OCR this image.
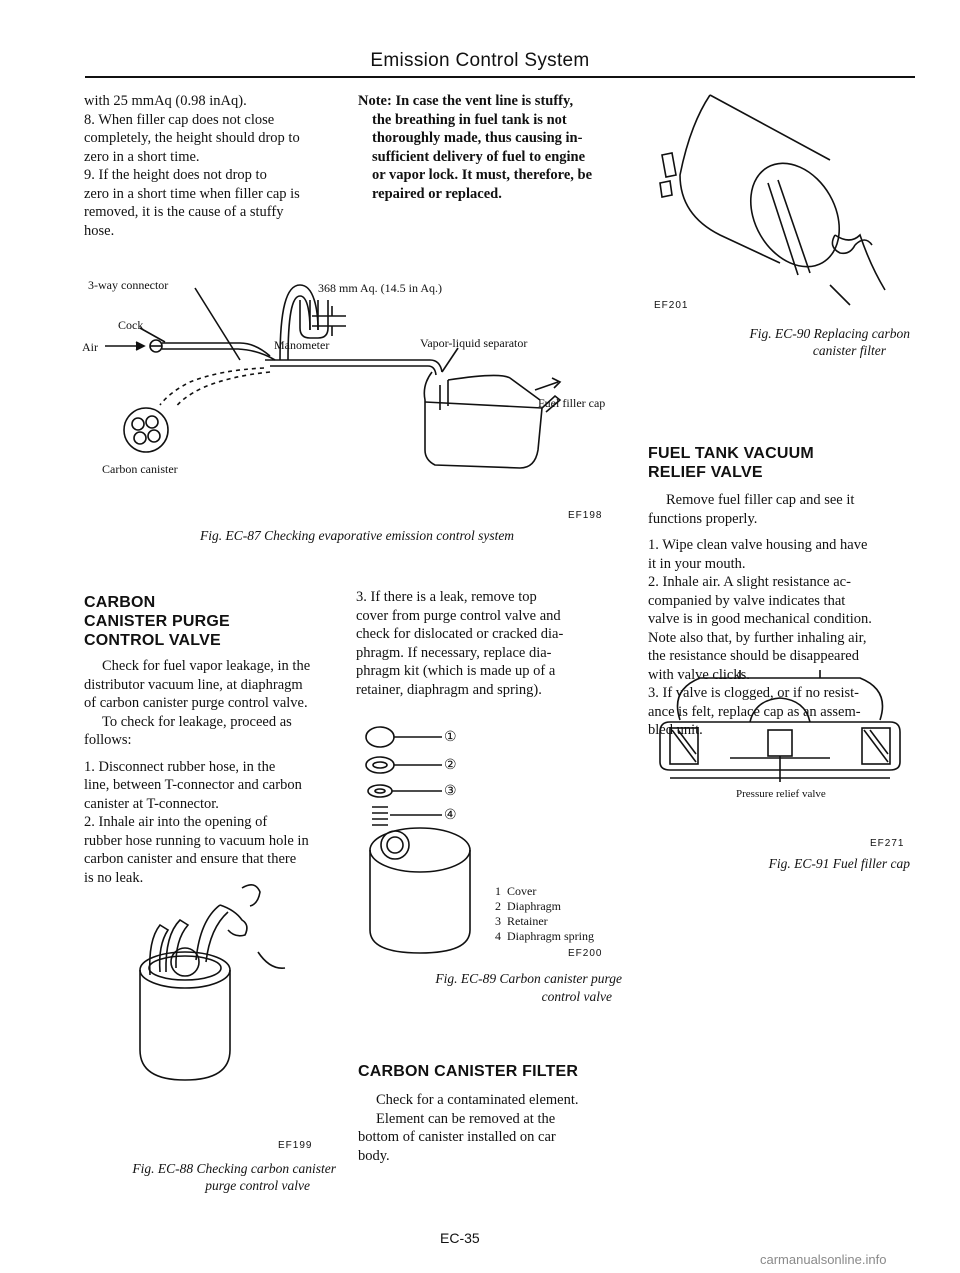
Emission Control System

with 25 mmAq (0.98 inAq).

8. When filler cap does not close

completely, the height should drop to

zero in a short time.

9. If the height does not drop to

zero in a short time when filler cap is

removed, it is the cause of a stuffy

hose.

Note: In case the vent line is stuffy,

the breathing in fuel tank is not

thoroughly made, thus causing in-

sufficient delivery of fuel to engine

or vapor lock. It must, therefore, be

repaired or replaced.

3-way connector	368 mm Aq. (14.5 in Aq.)
Cock
Air	Manometer	Vapor-liquid separator
Fuel filler cap
Carbon canister
EF198
Fig. EC-87 Checking evaporative emission control system
EF201
Fig. EC-90 Replacing carbon
canister filter
FUEL TANK VACUUM
RELIEF VALVE

Remove fuel filler cap and see it

functions properly.

1. Wipe clean valve housing and have

it in your mouth.

2. Inhale air. A slight resistance ac-

companied by valve indicates that

valve is in good mechanical condition.

Note also that, by further inhaling air,

the resistance should be disappeared

with valve clicks.

3. If valve is clogged, or if no resist-

ance is felt, replace cap as an assem-

bled unit.

CARBON
CANISTER PURGE
CONTROL VALVE

Check for fuel vapor leakage, in the

distributor vacuum line, at diaphragm

of carbon canister purge control valve.

To check for leakage, proceed as

follows:

1. Disconnect rubber hose, in the

line, between T-connector and carbon

canister at T-connector.

2. Inhale air into the opening of

rubber hose running to vacuum hole in

carbon canister and ensure that there

is no leak.

EF199
Fig. EC-88 Checking carbon canister
purge control valve

3. If there is a leak, remove top

cover from purge control valve and

check for dislocated or cracked dia-

phragm. If necessary, replace dia-

phragm kit (which is made up of a

retainer, diaphragm and spring).

①
②
③
④
1 Cover
2 Diaphragm
3 Retainer
4 Diaphragm spring
EF200
Fig. EC-89 Carbon canister purge
control valve
Pressure relief valve
EF271
Fig. EC-91 Fuel filler cap
CARBON CANISTER FILTER

Check for a contaminated element.

Element can be removed at the

bottom of canister installed on car

body.

EC-35
carmanualsonline.info
